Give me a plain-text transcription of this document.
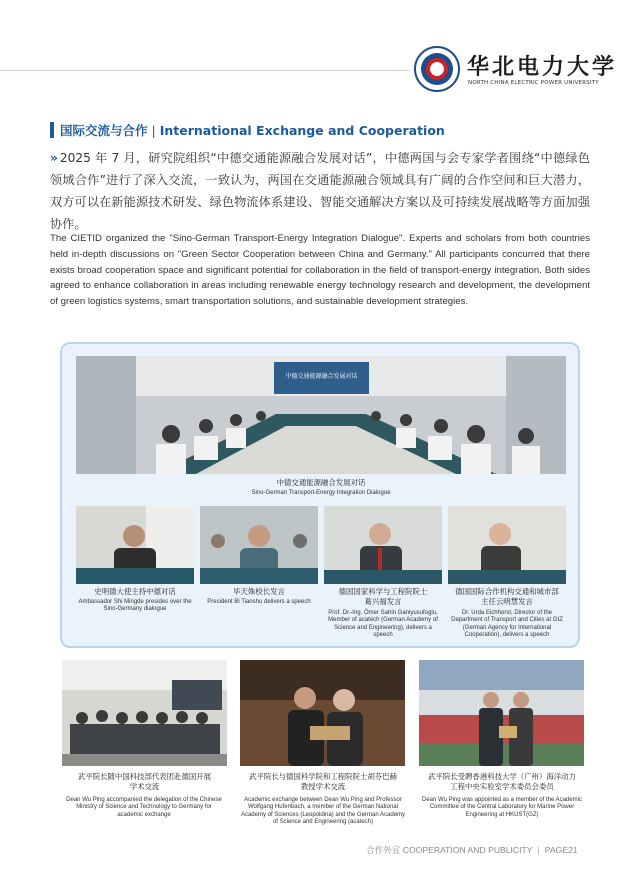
华北电力大学
NORTH CHINA ELECTRIC POWER UNIVERSITY
国际交流与合作 | International Exchange and Cooperation
» 2025 年 7 月，研究院组织“中德交通能源融合发展对话”，中德两国与会专家学者围绕“中德绿色领域合作”进行了深入交流，一致认为，两国在交通能源融合领域具有广阔的合作空间和巨大潜力，双方可以在新能源技术研发、绿色物流体系建设、智能交通解决方案以及可持续发展战略等方面加强协作。
The CIETID organized the "Sino-German Transport-Energy Integration Dialogue". Experts and scholars from both countries held in-depth discussions on "Green Sector Cooperation between China and Germany." All participants concurred that there exists broad cooperation space and significant potential for collaboration in the field of transport-energy integration. Both sides agreed to enhance collaboration in areas including renewable energy technology research and development, the development of green logistics systems, smart transportation solutions, and sustainable development strategies.
中德交通能源融合发展对话
中德交通能源融合发展对话
Sino-German Transport-Energy Integration Dialogue
史明德大使主持中德对话
Ambassador Shi Mingde presides over the Sino-Germany dialogue
毕天姝校长发言
President Bi Tianshu delivers a speech
德国国家科学与工程院院士
葛兴福发言
Prof. Dr.-Ing. Ömer Sahin Ganiyusufoglu, Member of acatech (German Academy of Science and Engineering), delivers a speech
德国国际合作机构交通和城市部
主任云明慧发言
Dr. Urda Eichhorst, Director of the Department of Transport and Cities at GIZ (German Agency for International Cooperation), delivers a speech
武平院长随中国科技部代表团赴德国开展
学术交流
Dean Wu Ping accompanied the delegation of the Chinese Ministry of Science and Technology to Germany for academic exchange
武平院长与德国科学院和工程院院士胡芬巴赫
教授学术交流
Academic exchange between Dean Wu Ping and Professor Wolfgang Hufenbach, a member of the German National Academy of Sciences (Leopoldina) and the German Academy of Science and Engineering (acatech)
武平院长受聘香港科技大学（广州）海洋动力
工程中央实验室学术委员会委员
Dean Wu Ping was appointed as a member of the Academic Committee of the Central Laboratory for Marine Power Engineering at HKUST(GZ)
合作外宣 COOPERATION AND PUBLICITY | PAGE21
